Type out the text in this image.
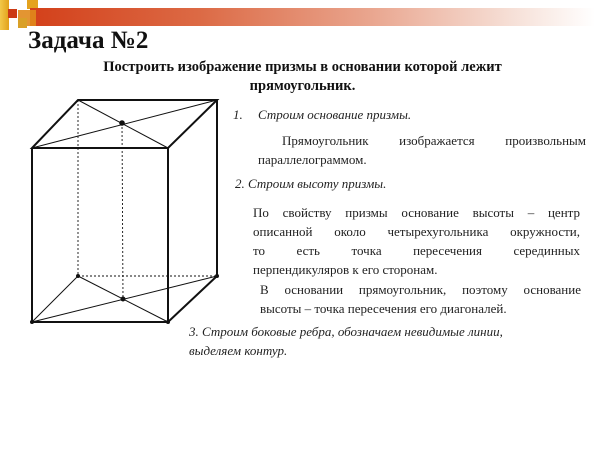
Задача №2
Построить изображение призмы в основании которой лежит
прямоугольник.
1. Строим основание призмы.
Прямоугольник изображается произвольным
параллелограммом.
2. Строим высоту призмы.
По свойству призмы основание высоты – центр
описанной около четырехугольника окружности,
то есть точка пересечения серединных
перпендикуляров к его сторонам.
В основании прямоугольник, поэтому основание
высоты – точка пересечения его диагоналей.
3. Строим боковые ребра, обозначаем невидимые линии,
выделяем контур.
